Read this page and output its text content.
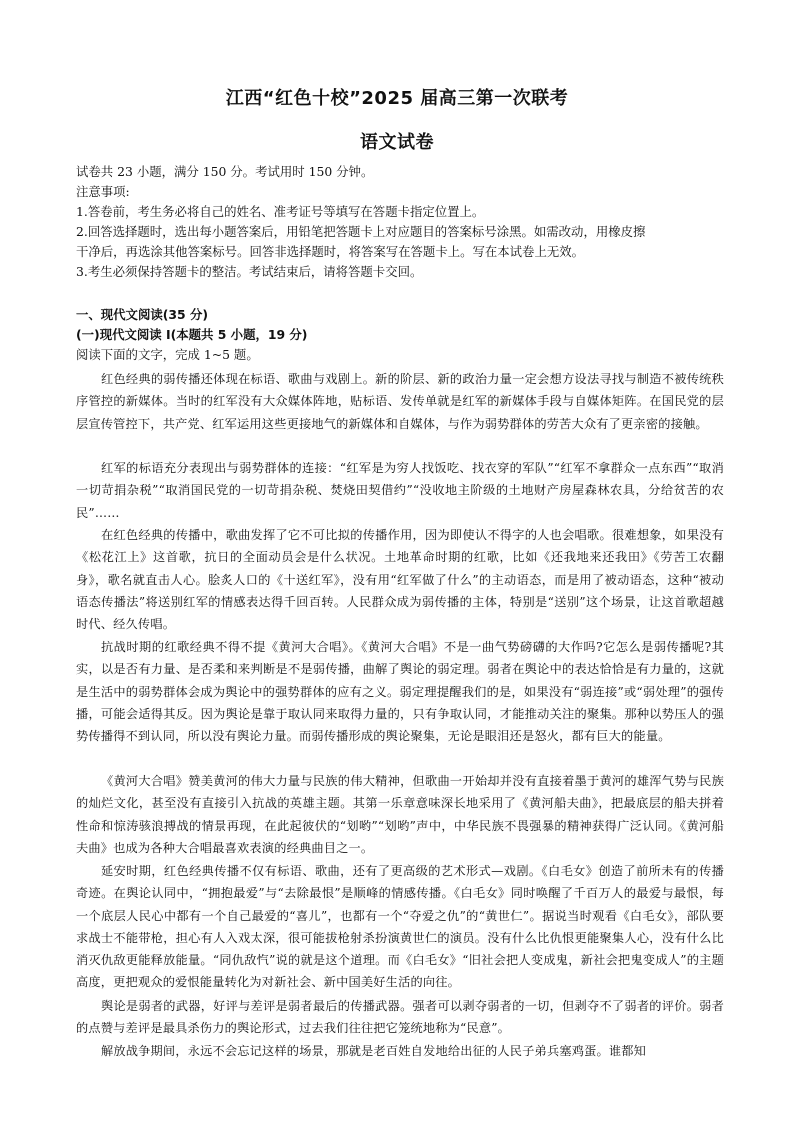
江西“红色十校”2025 届高三第一次联考
语文试卷
试卷共 23 小题，满分 150 分。考试用时 150 分钟。
注意事项:
1.答卷前，考生务必将自己的姓名、准考证号等填写在答题卡指定位置上。
2.回答选择题时，选出每小题答案后，用铅笔把答题卡上对应题目的答案标号涂黑。如需改动，用橡皮擦
干净后，再选涂其他答案标号。回答非选择题时，将答案写在答题卡上。写在本试卷上无效。
3.考生必须保持答题卡的整洁。考试结束后，请将答题卡交回。
一、现代文阅读(35 分)
(一)现代文阅读 I(本题共 5 小题，19 分)
阅读下面的文字，完成 1~5 题。
红色经典的弱传播还体现在标语、歌曲与戏剧上。新的阶层、新的政治力量一定会想方设法寻找与制造不被传统秩序管控的新媒体。当时的红军没有大众媒体阵地，贴标语、发传单就是红军的新媒体手段与自媒体矩阵。在国民党的层层宣传管控下，共产党、红军运用这些更接地气的新媒体和自媒体，与作为弱势群体的劳苦大众有了更亲密的接触。
红军的标语充分表现出与弱势群体的连接：“红军是为穷人找饭吃、找衣穿的军队”“红军不拿群众一点东西”“取消一切苛捐杂税”“取消国民党的一切苛捐杂税、焚烧田契借约”“没收地主阶级的土地财产房屋森林农具，分给贫苦的农民”……
在红色经典的传播中，歌曲发挥了它不可比拟的传播作用，因为即使认不得字的人也会唱歌。很难想象，如果没有《松花江上》这首歌，抗日的全面动员会是什么状况。土地革命时期的红歌，比如《还我地来还我田》《劳苦工农翻身》，歌名就直击人心。脍炙人口的《十送红军》，没有用“红军做了什么”的主动语态，而是用了被动语态，这种“被动语态传播法”将送别红军的情感表达得千回百转。人民群众成为弱传播的主体，特别是“送别”这个场景，让这首歌超越时代、经久传唱。
抗战时期的红歌经典不得不提《黄河大合唱》。《黄河大合唱》不是一曲气势磅礴的大作吗?它怎么是弱传播呢?其实，以是否有力量、是否柔和来判断是不是弱传播，曲解了舆论的弱定理。弱者在舆论中的表达恰恰是有力量的，这就是生活中的弱势群体会成为舆论中的强势群体的应有之义。弱定理提醒我们的是，如果没有“弱连接”或“弱处理”的强传播，可能会适得其反。因为舆论是靠于取认同来取得力量的，只有争取认同，才能推动关注的聚集。那种以势压人的强势传播得不到认同，所以没有舆论力量。而弱传播形成的舆论聚集，无论是眼泪还是怒火，都有巨大的能量。
《黄河大合唱》赞美黄河的伟大力量与民族的伟大精神，但歌曲一开始却并没有直接着墨于黄河的雄浑气势与民族的灿烂文化，甚至没有直接引入抗战的英雄主题。其第一乐章意味深长地采用了《黄河船夫曲》，把最底层的船夫拼着性命和惊涛骇浪搏战的情景再现，在此起彼伏的“划哟”“划哟”声中，中华民族不畏强暴的精神获得广泛认同。《黄河船夫曲》也成为各种大合唱最喜欢表演的经典曲目之一。
延安时期，红色经典传播不仅有标语、歌曲，还有了更高级的艺术形式—戏剧。《白毛女》创造了前所未有的传播奇迹。在舆论认同中，“拥抱最爱”与“去除最恨”是顺峰的情感传播。《白毛女》同时唤醒了千百万人的最爱与最恨，每一个底层人民心中都有一个自己最爱的“喜儿”，也都有一个“夺爱之仇”的“黄世仁”。据说当时观看《白毛女》，部队要求战士不能带枪，担心有人入戏太深，很可能拔枪射杀扮演黄世仁的演员。没有什么比仇恨更能聚集人心，没有什么比消灭仇敌更能释放能量。“同仇敌忾”说的就是这个道理。而《白毛女》“旧社会把人变成鬼，新社会把鬼变成人”的主题高度，更把观众的爱恨能量转化为对新社会、新中国美好生活的向往。
舆论是弱者的武器，好评与差评是弱者最后的传播武器。强者可以剥夺弱者的一切，但剥夺不了弱者的评价。弱者的点赞与差评是最具杀伤力的舆论形式，过去我们往往把它笼统地称为“民意”。
解放战争期间，永远不会忘记这样的场景，那就是老百姓自发地给出征的人民子弟兵塞鸡蛋。谁都知
